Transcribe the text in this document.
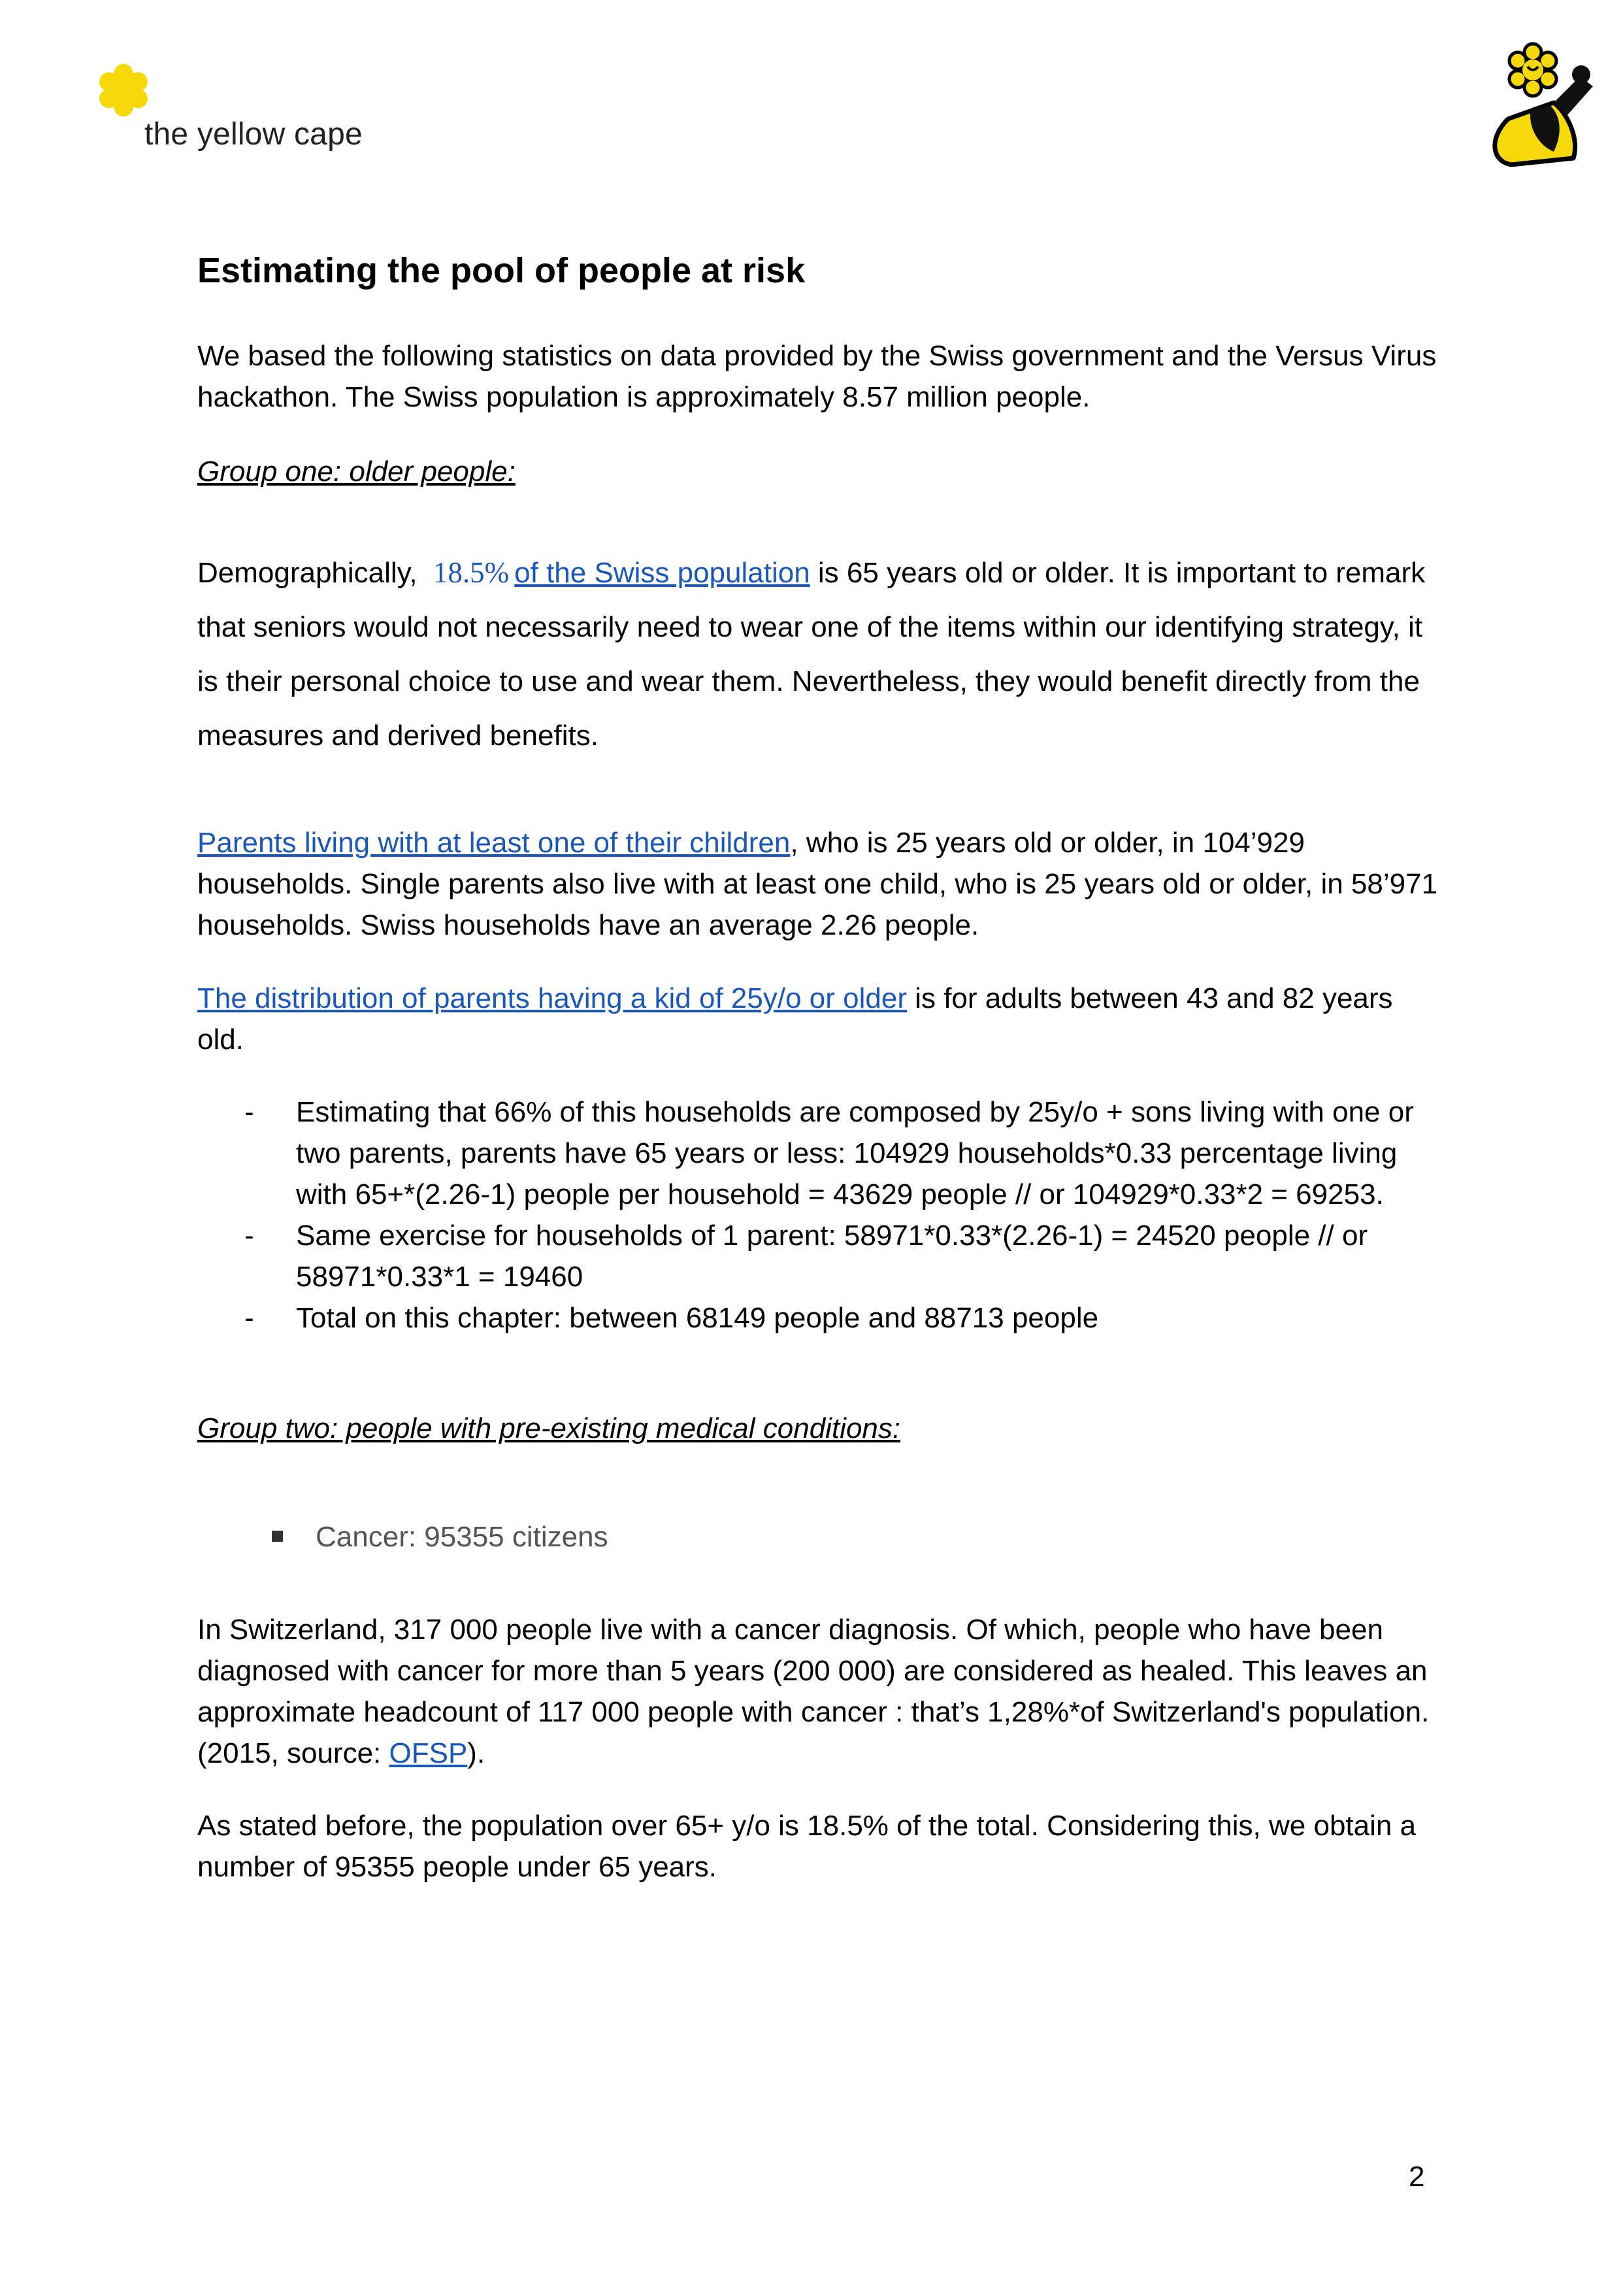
the yellow cape
Estimating the pool of people at risk
We based the following statistics on data provided by the Swiss government and the Versus Virus hackathon. The Swiss population is approximately 8.57 million people.
Group one: older people:
Demographically, 18.5% of the Swiss population is 65 years old or older. It is important to remark that seniors would not necessarily need to wear one of the items within our identifying strategy, it is their personal choice to use and wear them. Nevertheless, they would benefit directly from the measures and derived benefits.
Parents living with at least one of their children, who is 25 years old or older, in 104’929 households. Single parents also live with at least one child, who is 25 years old or older, in 58’971 households. Swiss households have an average 2.26 people.
The distribution of parents having a kid of 25y/o or older is for adults between 43 and 82 years old.
- Estimating that 66% of this households are composed by 25y/o + sons living with one or two parents, parents have 65 years or less: 104929 households*0.33 percentage living with 65+*(2.26-1) people per household = 43629 people // or 104929*0.33*2 = 69253.
- Same exercise for households of 1 parent: 58971*0.33*(2.26-1) = 24520 people // or 58971*0.33*1 = 19460
- Total on this chapter: between 68149 people and 88713 people
Group two: people with pre-existing medical conditions:
Cancer: 95355 citizens
In Switzerland, 317 000 people live with a cancer diagnosis. Of which, people who have been diagnosed with cancer for more than 5 years (200 000) are considered as healed. This leaves an approximate headcount of 117 000 people with cancer : that’s 1,28%*of Switzerland's population. (2015, source: OFSP).
As stated before, the population over 65+ y/o is 18.5% of the total. Considering this, we obtain a number of 95355 people under 65 years.
2
